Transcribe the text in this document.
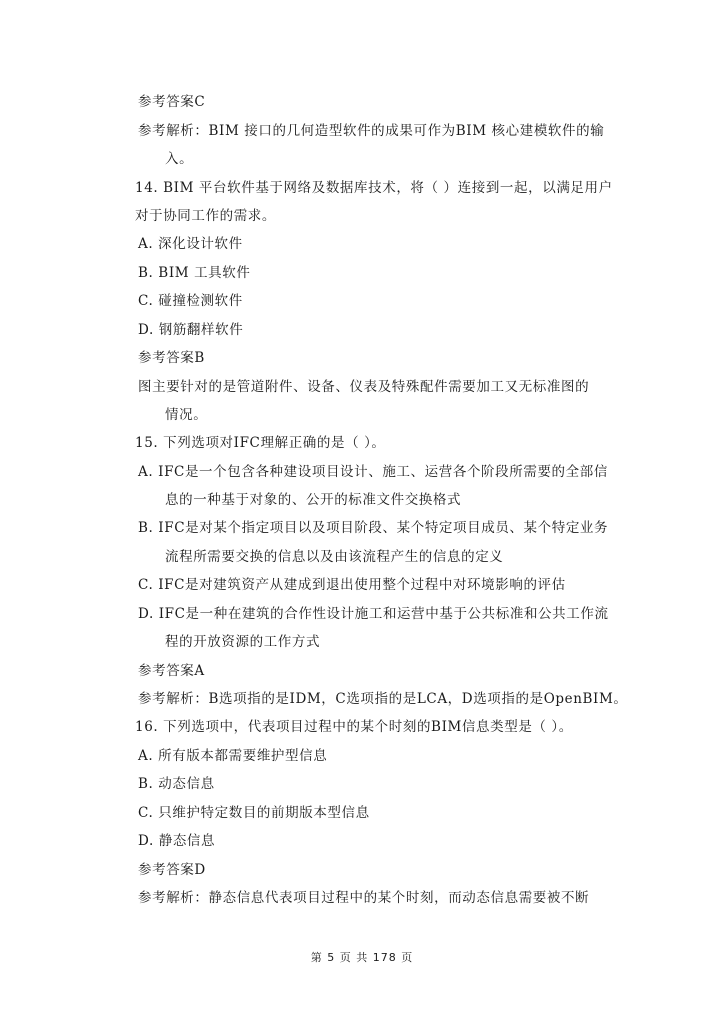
参考答案C
参考解析：BIM 接口的几何造型软件的成果可作为BIM 核心建模软件的输
入。
14. BIM 平台软件基于网络及数据库技术，将（ ）连接到一起，以满足用户
对于协同工作的需求。
A. 深化设计软件
B. BIM 工具软件
C. 碰撞检测软件
D. 钢筋翻样软件
参考答案B
图主要针对的是管道附件、设备、仪表及特殊配件需要加工又无标准图的
情况。
15. 下列选项对IFC理解正确的是（ ）。
A. IFC是一个包含各种建设项目设计、施工、运营各个阶段所需要的全部信
息的一种基于对象的、公开的标准文件交换格式
B. IFC是对某个指定项目以及项目阶段、某个特定项目成员、某个特定业务
流程所需要交换的信息以及由该流程产生的信息的定义
C. IFC是对建筑资产从建成到退出使用整个过程中对环境影响的评估
D. IFC是一种在建筑的合作性设计施工和运营中基于公共标准和公共工作流
程的开放资源的工作方式
参考答案A
参考解析：B选项指的是IDM，C选项指的是LCA，D选项指的是OpenBIM。
16. 下列选项中，代表项目过程中的某个时刻的BIM信息类型是（ ）。
A. 所有版本都需要维护型信息
B. 动态信息
C. 只维护特定数目的前期版本型信息
D. 静态信息
参考答案D
参考解析：静态信息代表项目过程中的某个时刻，而动态信息需要被不断
第 5 页 共 178 页
